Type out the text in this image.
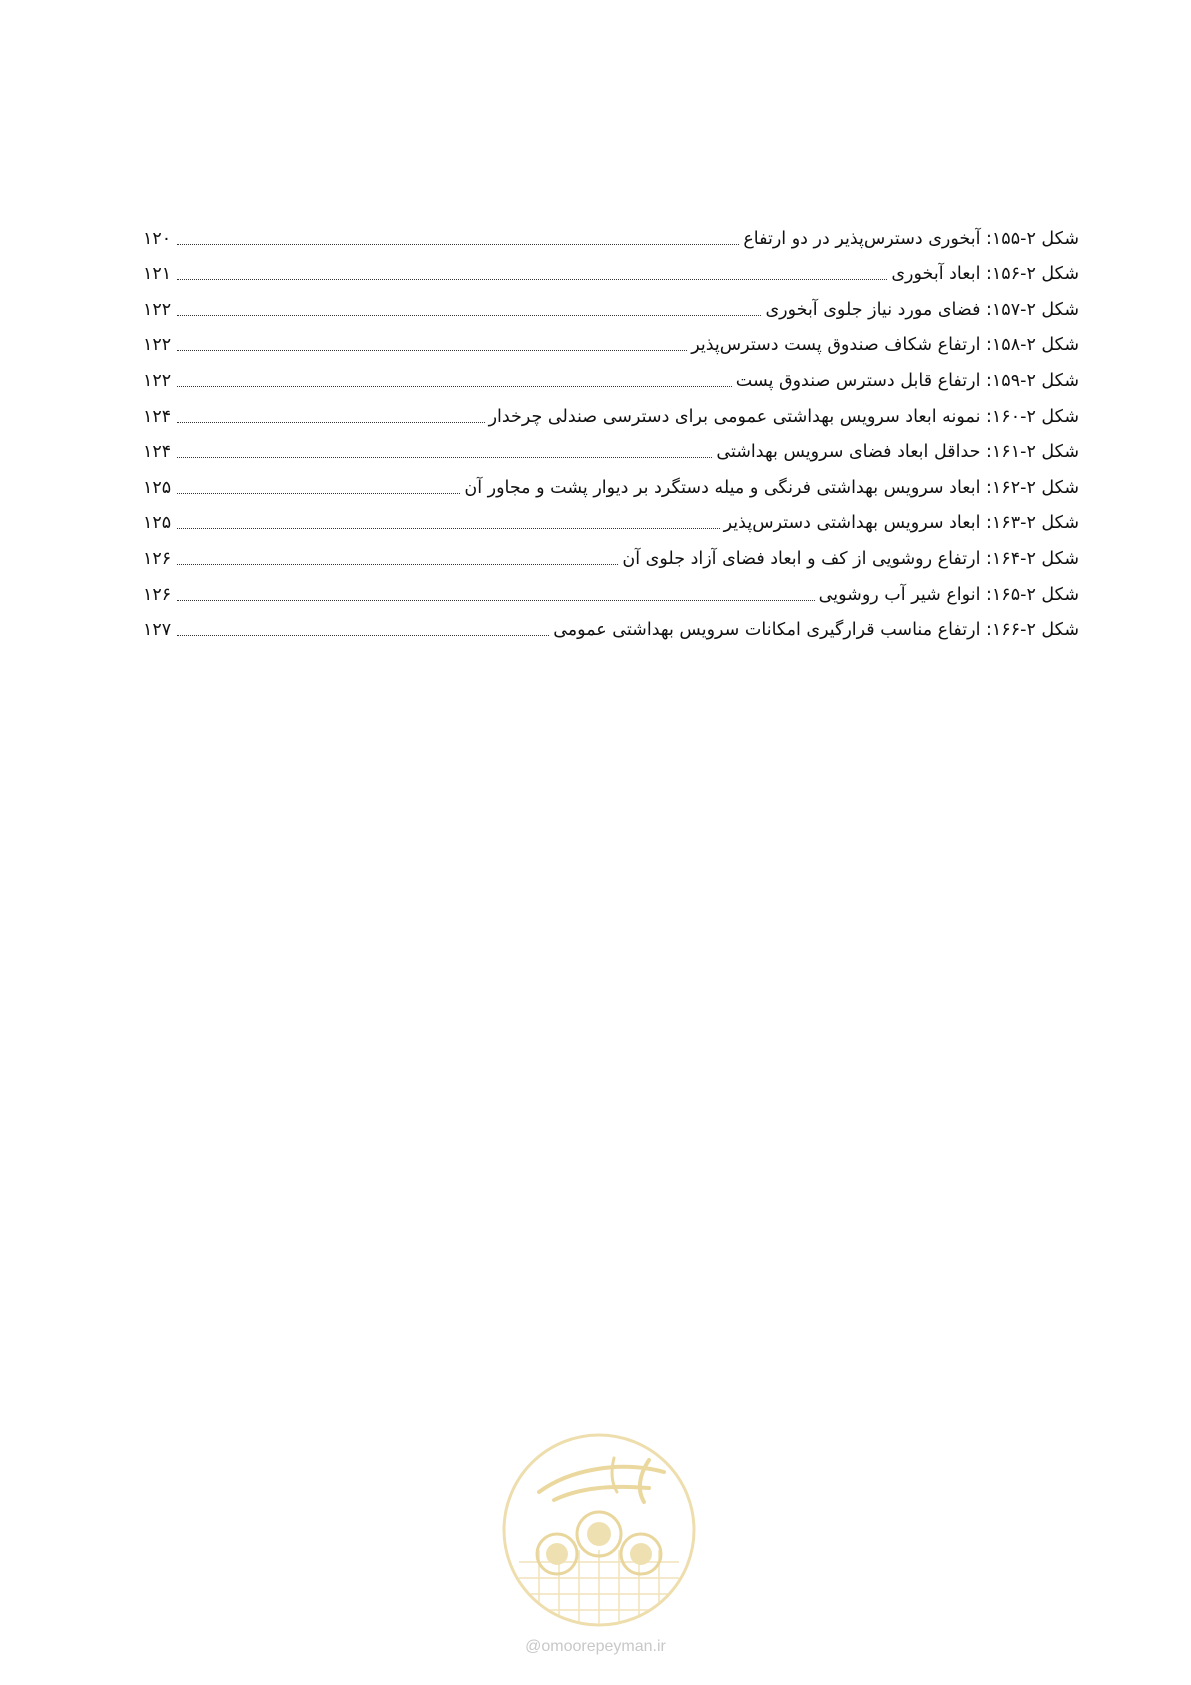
شکل ۲-۱۵۵: آبخوری دسترس‌پذیر در دو ارتفاع
۱۲۰
شکل ۲-۱۵۶: ابعاد آبخوری
۱۲۱
شکل ۲-۱۵۷: فضای مورد نیاز جلوی آبخوری
۱۲۲
شکل ۲-۱۵۸: ارتفاع شکاف صندوق پست دسترس‌پذیر
۱۲۲
شکل ۲-۱۵۹: ارتفاع قابل دسترس صندوق پست
۱۲۲
شکل ۲-۱۶۰: نمونه ابعاد سرویس بهداشتی عمومی برای دسترسی صندلی چرخدار
۱۲۴
شکل ۲-۱۶۱: حداقل ابعاد فضای سرویس بهداشتی
۱۲۴
شکل ۲-۱۶۲: ابعاد سرویس بهداشتی فرنگی و میله دستگرد بر دیوار پشت و مجاور آن
۱۲۵
شکل ۲-۱۶۳: ابعاد سرویس بهداشتی دسترس‌پذیر
۱۲۵
شکل ۲-۱۶۴: ارتفاع روشویی از کف و ابعاد فضای آزاد جلوی آن
۱۲۶
شکل ۲-۱۶۵: انواع شیر آب روشویی
۱۲۶
شکل ۲-۱۶۶: ارتفاع مناسب قرارگیری امکانات سرویس بهداشتی عمومی
۱۲۷
@omoorepeyman.ir
